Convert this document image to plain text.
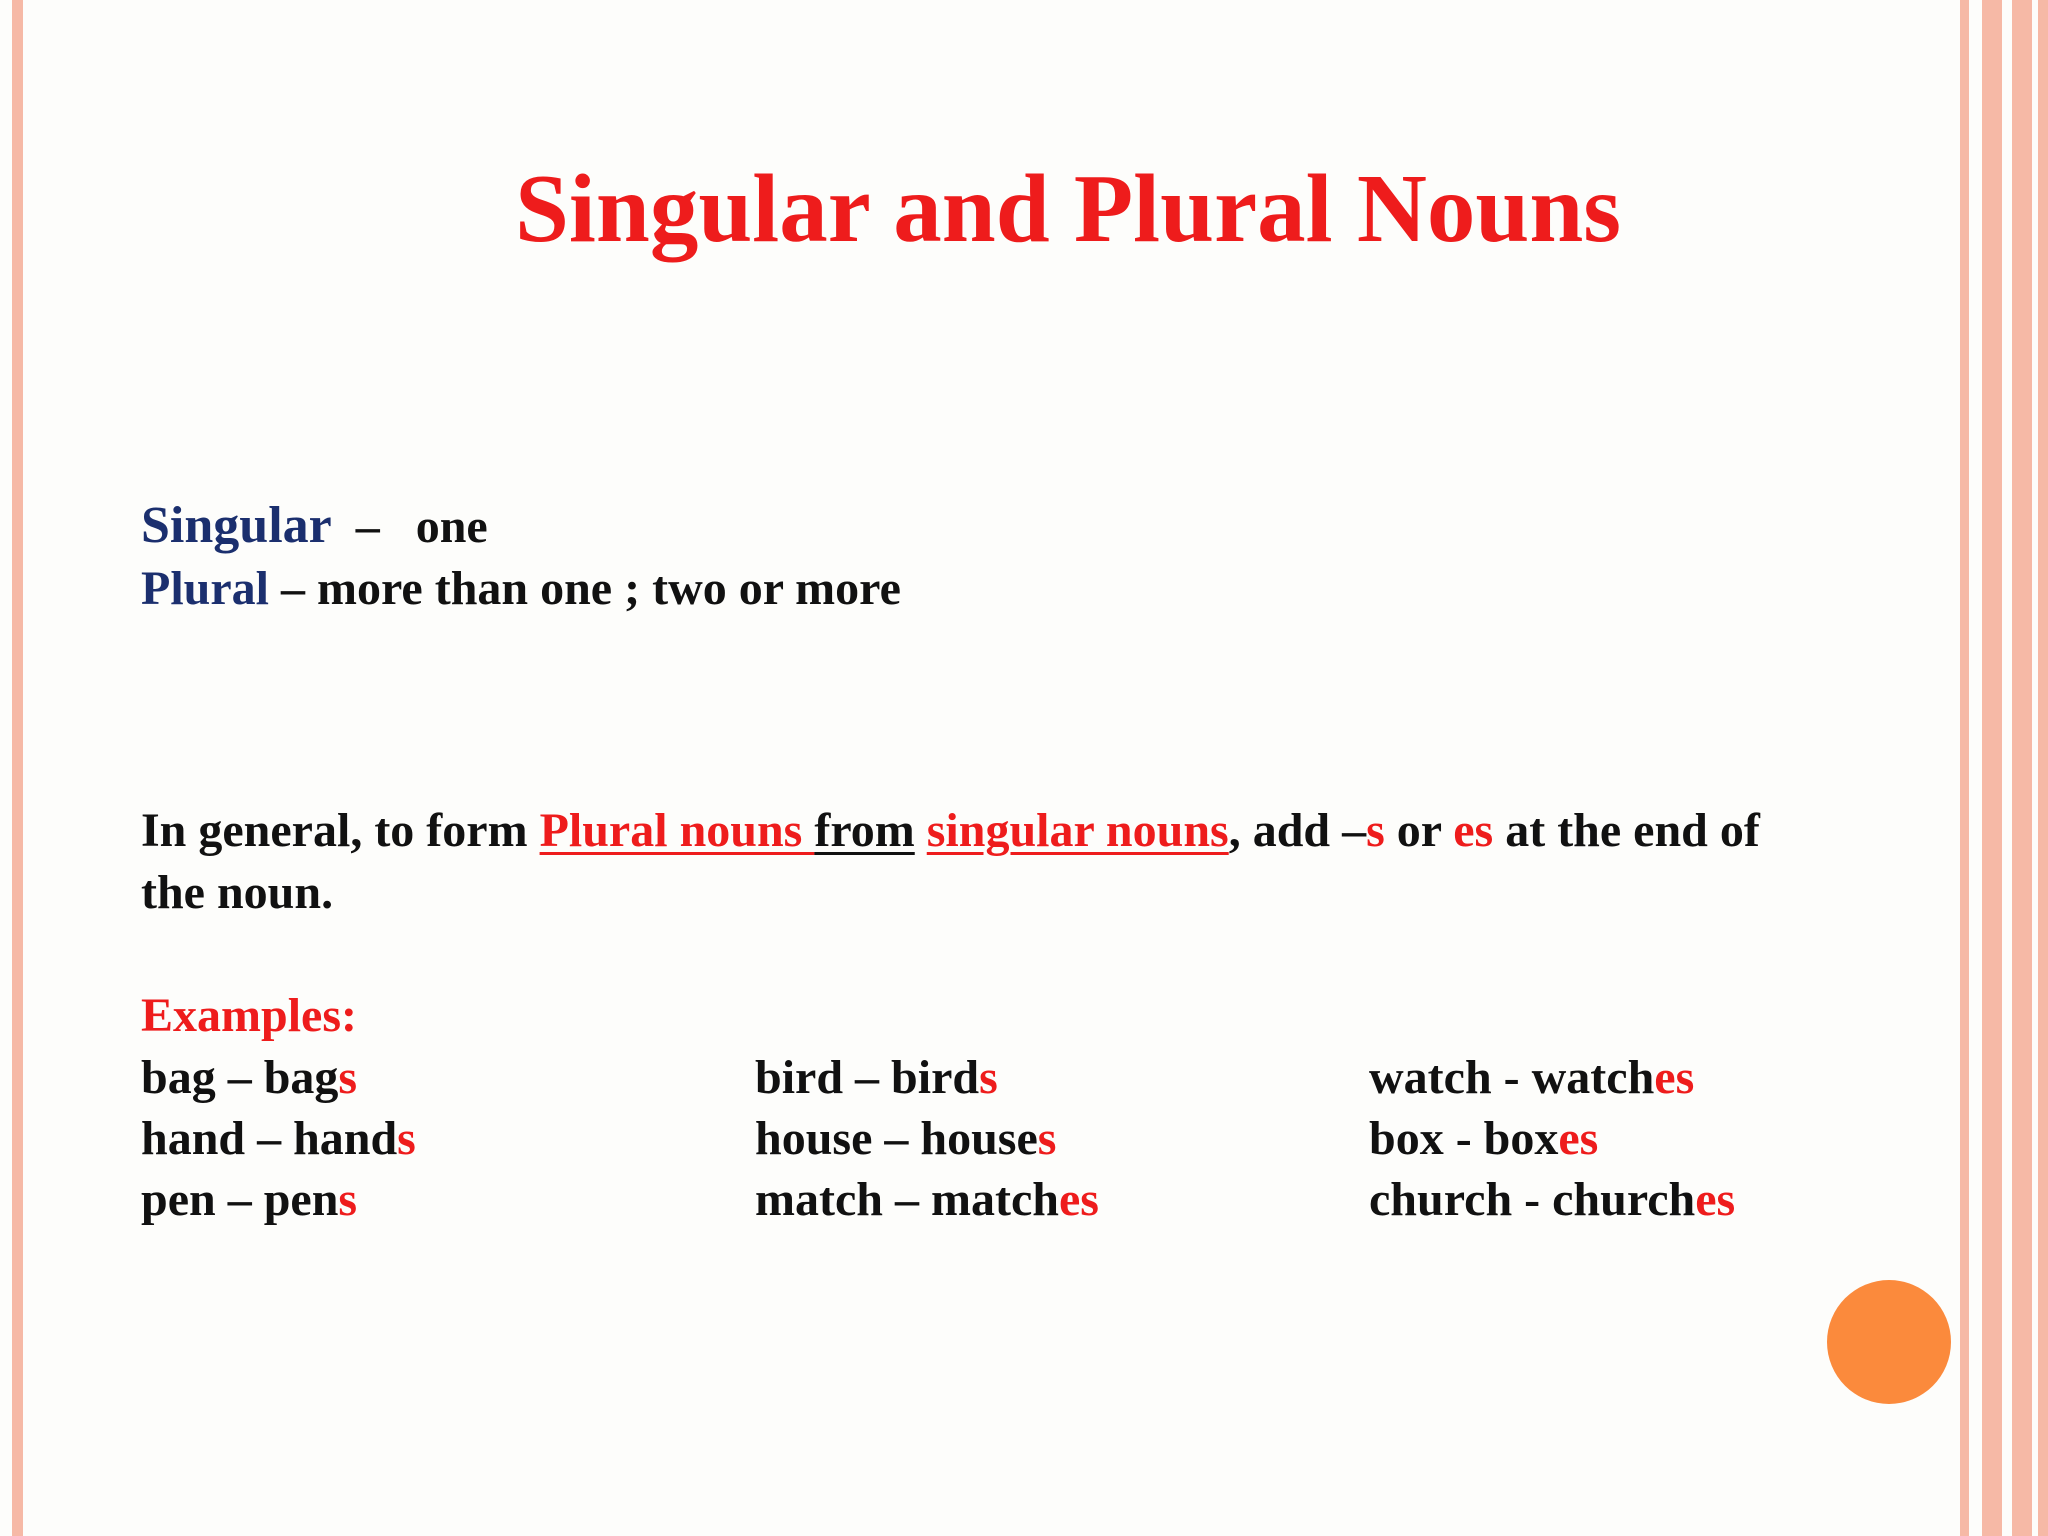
Singular and Plural Nouns
Singular  –   one
Plural – more than one ; two or more
In general, to form Plural nouns from singular nouns, add –s or es at the end of
the noun.
Examples:
bag – bags
hand – hands
pen – pens
bird – birds
house – houses
match – matches
watch - watches
box - boxes
church - churches
